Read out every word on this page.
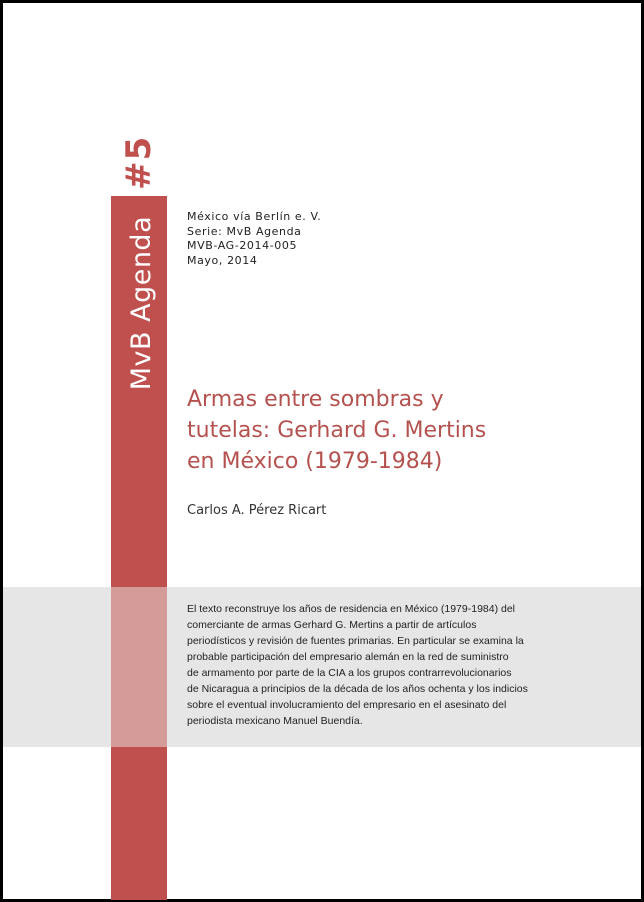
MvB Agenda#5
México vía Berlín e. V.
Serie: MvB Agenda
MVB-AG-2014-005
Mayo, 2014
Armas entre sombras y
tutelas: Gerhard G. Mertins
en México (1979-1984)
Carlos A. Pérez Ricart
El texto reconstruye los años de residencia en México (1979-1984) del
comerciante de armas Gerhard G. Mertins a partir de artículos
periodísticos y revisión de fuentes primarias. En particular se examina la
probable participación del empresario alemán en la red de suministro
de armamento por parte de la CIA a los grupos contrarrevolucionarios
de Nicaragua a principios de la década de los años ochenta y los indicios
sobre el eventual involucramiento del empresario en el asesinato del
periodista mexicano Manuel Buendía.
